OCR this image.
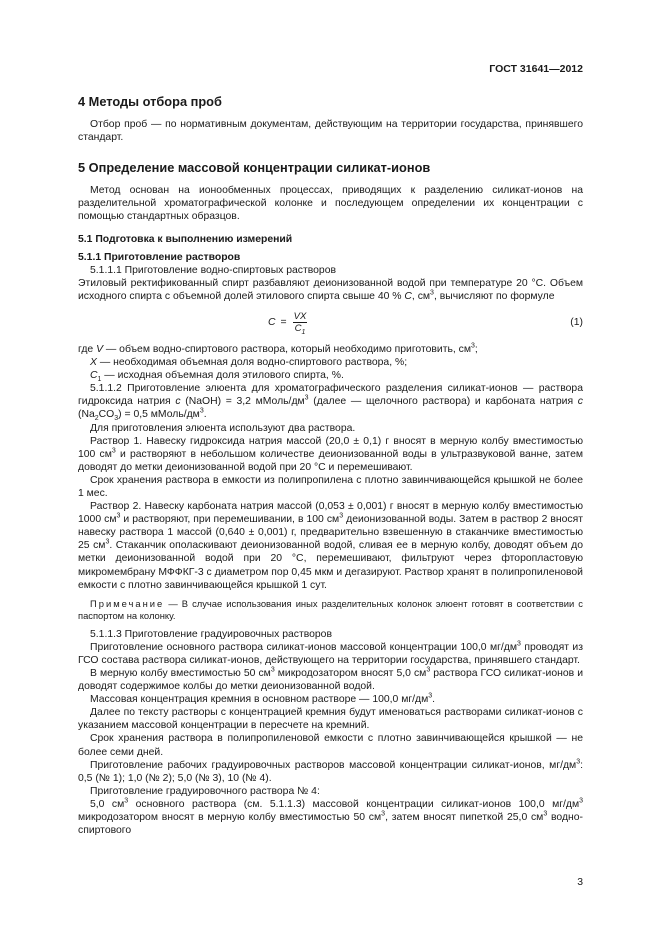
ГОСТ 31641—2012
4 Методы отбора проб

Отбор проб — по нормативным документам, действующим на территории государства, принявшего стандарт.

5 Определение массовой концентрации силикат-ионов

Метод основан на ионообменных процессах, приводящих к разделению силикат-ионов на разделительной хроматографической колонке и последующем определении их концентрации с помощью стандартных образцов.

5.1 Подготовка к выполнению измерений
5.1.1 Приготовление растворов

5.1.1.1 Приготовление водно-спиртовых растворов

Этиловый ректификованный спирт разбавляют деионизованной водой при температуре 20 °С. Объем исходного спирта с объемной долей этилового спирта свыше 40 % С, $см^3$, вычисляют по формуле

$С = \frac{VX}{С_1}$	(1)

где V — объем водно-спиртового раствора, который необходимо приготовить, $см^3$;

Х — необходимая объемная доля водно-спиртового раствора, %;

$С_1$ — исходная объемная доля этилового спирта, %.

5.1.1.2 Приготовление элюента для хроматографического разделения силикат-ионов — раствора гидроксида натрия с (NaOH) = 3,2 мМоль/$дм^3$ (далее — щелочного раствора) и карбоната натрия с $(Na_2CO_3) = 0,5$ мМоль/$дм^3$.

Для приготовления элюента используют два раствора.

Раствор 1. Навеску гидроксида натрия массой (20,0 ± 0,1) г вносят в мерную колбу вместимостью 100 $см^3$ и растворяют в небольшом количестве деионизованной воды в ультразвуковой ванне, затем доводят до метки деионизованной водой при 20 °С и перемешивают.

Срок хранения раствора в емкости из полипропилена с плотно завинчивающейся крышкой не более 1 мес.

Раствор 2. Навеску карбоната натрия массой (0,053 ± 0,001) г вносят в мерную колбу вместимостью 1000 $см^3$ и растворяют, при перемешивании, в 100 $см^3$ деионизованной воды. Затем в раствор 2 вносят навеску раствора 1 массой (0,640 ± 0,001) г, предварительно взвешенную в стаканчике вместимостью 25 $см^3$. Стаканчик ополаскивают деионизованной водой, сливая ее в мерную колбу, доводят объем до метки деионизованной водой при 20 °С, перемешивают, фильтруют через фторопластовую микромембрану МФФКГ-3 с диаметром пор 0,45 мкм и дегазируют. Раствор хранят в полипропиленовой емкости с плотно завинчивающейся крышкой 1 сут.

Примечание — В случае использования иных разделительных колонок элюент готовят в соответствии с паспортом на колонку.

5.1.1.3 Приготовление градуировочных растворов

Приготовление основного раствора силикат-ионов массовой концентрации 100,0 $мг/дм^3$ проводят из ГСО состава раствора силикат-ионов, действующего на территории государства, принявшего стандарт.

В мерную колбу вместимостью 50 $см^3$ микродозатором вносят 5,0 $см^3$ раствора ГСО силикат-ионов и доводят содержимое колбы до метки деионизованной водой.

Массовая концентрация кремния в основном растворе — 100,0 $мг/дм^3$.

Далее по тексту растворы с концентрацией кремния будут именоваться растворами силикат-ионов с указанием массовой концентрации в пересчете на кремний.

Срок хранения раствора в полипропиленовой емкости с плотно завинчивающейся крышкой — не более семи дней.

Приготовление рабочих градуировочных растворов массовой концентрации силикат-ионов, $мг/дм^3$: 0,5 (№ 1); 1,0 (№ 2); 5,0 (№ 3), 10 (№ 4).

Приготовление градуировочного раствора № 4:

5,0 $см^3$ основного раствора (см. 5.1.1.3) массовой концентрации силикат-ионов 100,0 $мг/дм^3$ микродозатором вносят в мерную колбу вместимостью 50 $см^3$, затем вносят пипеткой 25,0 $см^3$ водно-спиртового

3
